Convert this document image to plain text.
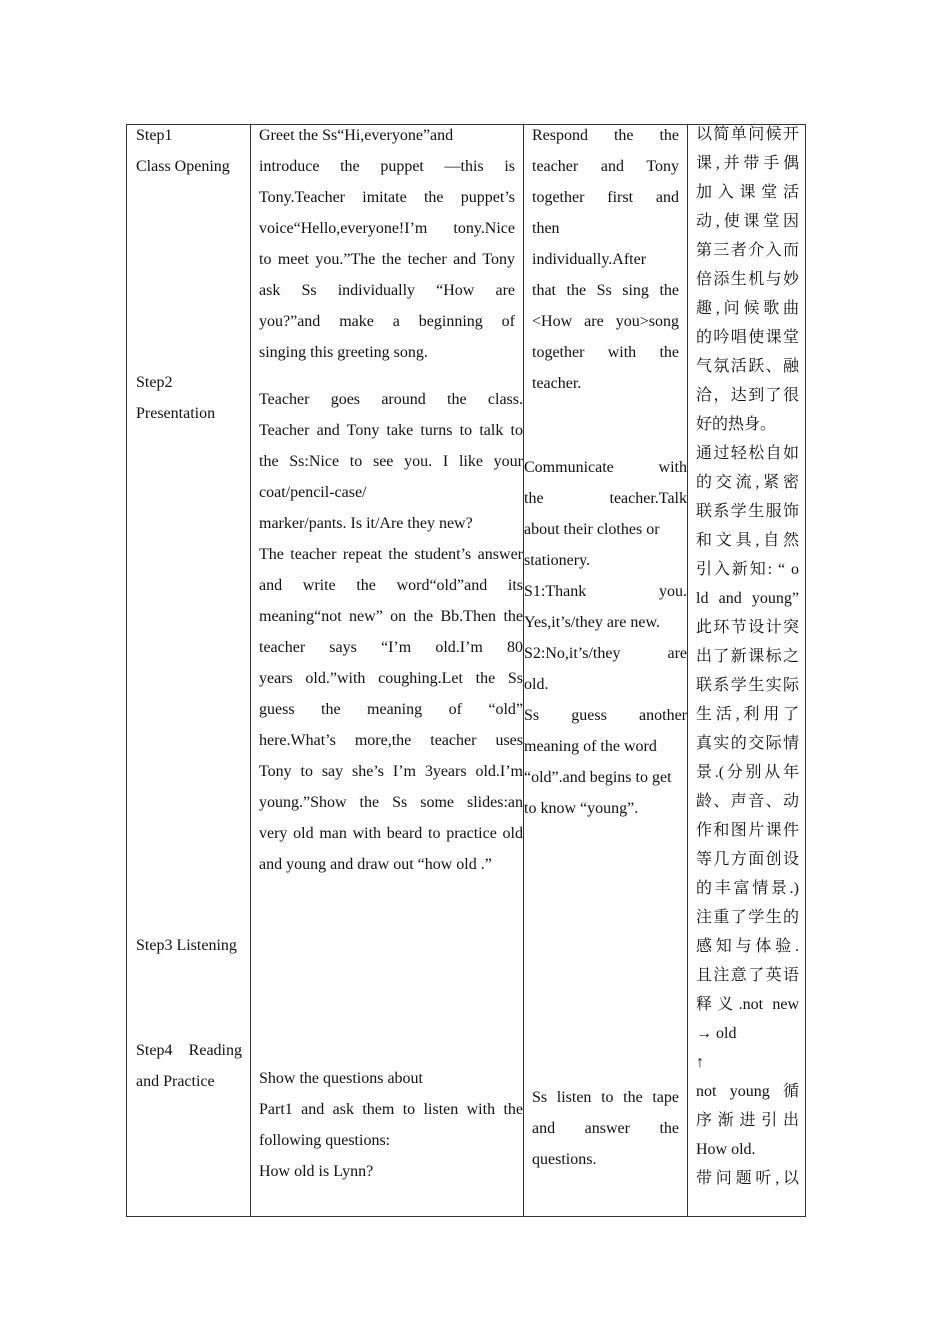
Step1
Class Opening
Step2
Presentation
Step3 Listening
Step4 Reading
and Practice
Greet the Ss“Hi,everyone”and
introduce the puppet —this is
Tony.Teacher imitate the puppet’s
voice“Hello,everyone!I’m tony.Nice
to meet you.”The the techer and Tony
ask Ss individually “How are
you?”and make a beginning of
singing this greeting song.
Teacher goes around the class.
Teacher and Tony take turns to talk to
the Ss:Nice to see you. I like your
coat/pencil-case/
marker/pants. Is it/Are they new?
The teacher repeat the student’s answer
and write the word“old”and its
meaning“not new” on the Bb.Then the
teacher says “I’m old.I’m 80
years old.”with coughing.Let the Ss
guess the meaning of “old”
here.What’s more,the teacher uses
Tony to say she’s I’m 3years old.I’m
young.”Show the Ss some slides:an
very old man with beard to practice old
and young and draw out “how old .”
Show the questions about
Part1 and ask them to listen with the
following questions:
How old is Lynn?
Respond the the
teacher and Tony
together first and
then
individually.After
that the Ss sing the
<How are you>song
together with the
teacher.
Communicate with
the teacher.Talk
about their clothes or
stationery.
S1:Thank you.
Yes,it’s/they are new.
S2:No,it’s/they are
old.
Ss guess another
meaning of the word
“old”.and begins to get
to know “young”.
Ss listen to the tape
and answer the
questions.
以简单问候开
课,并带手偶
加入课堂活
动,使课堂因
第三者介入而
倍添生机与妙
趣,问候歌曲
的吟唱使课堂
气氛活跃、融
洽，达到了很
好的热身。
通过轻松自如
的交流,紧密
联系学生服饰
和文具,自然
引入新知: “ o
ld and young”
此环节设计突
出了新课标之
联系学生实际
生活,利用了
真实的交际情
景.(分别从年
龄、声音、动
作和图片课件
等几方面创设
的丰富情景.)
注重了学生的
感知与体验.
且注意了英语
释义.not new
→ old
↑
not young 循
序渐进引出
How old.
带问题听,以
